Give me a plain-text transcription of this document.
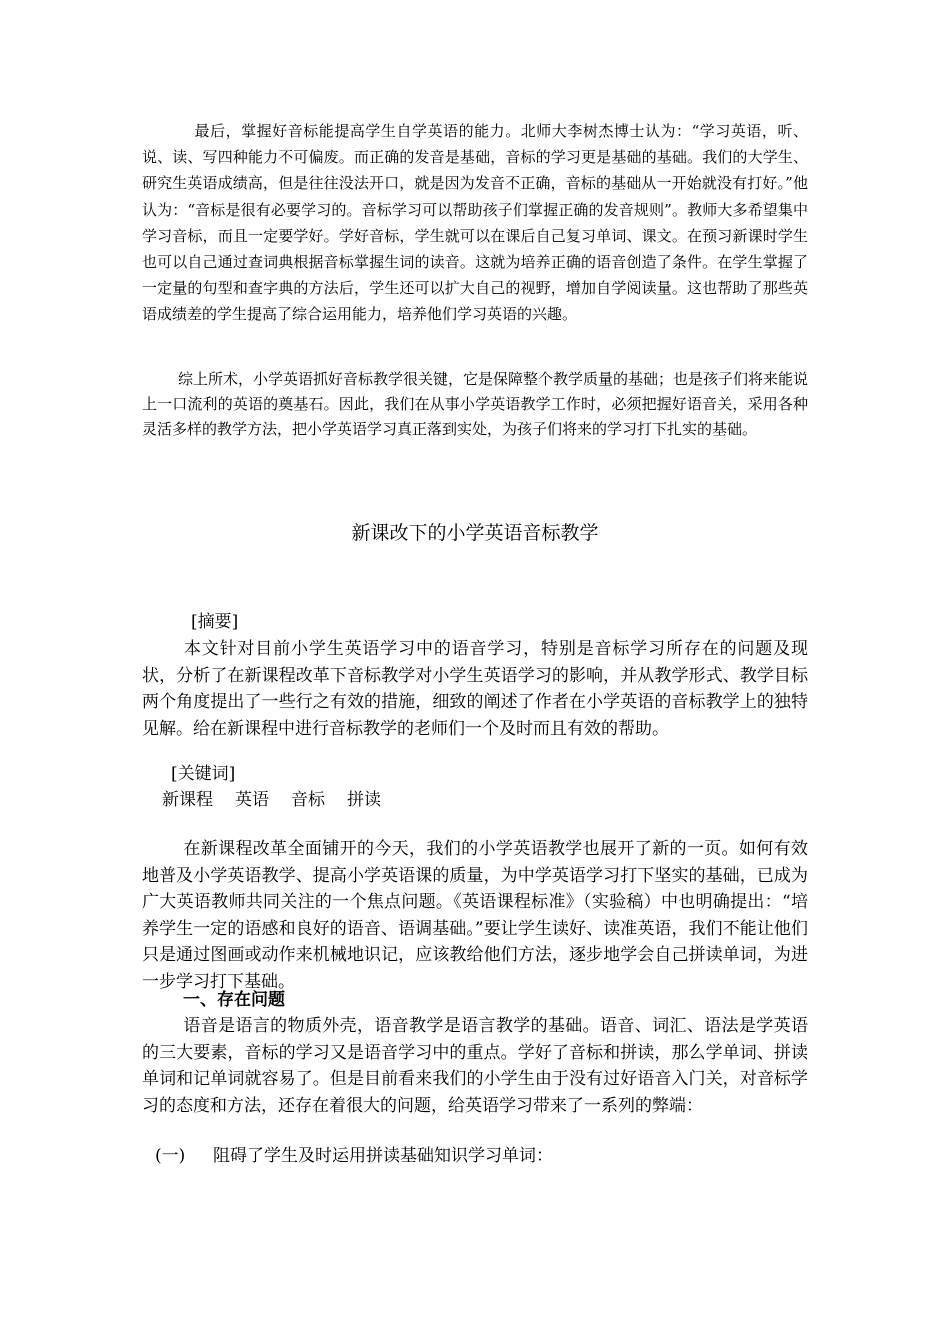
最后，掌握好音标能提高学生自学英语的能力。北师大李树杰博士认为：“学习英语，听、说、读、写四种能力不可偏废。而正确的发音是基础，音标的学习更是基础的基础。我们的大学生、研究生英语成绩高，但是往往没法开口，就是因为发音不正确，音标的基础从一开始就没有打好。”他认为：“音标是很有必要学习的。音标学习可以帮助孩子们掌握正确的发音规则”。教师大多希望集中学习音标，而且一定要学好。学好音标，学生就可以在课后自己复习单词、课文。在预习新课时学生也可以自己通过查词典根据音标掌握生词的读音。这就为培养正确的语音创造了条件。在学生掌握了一定量的句型和查字典的方法后，学生还可以扩大自己的视野，增加自学阅读量。这也帮助了那些英语成绩差的学生提高了综合运用能力，培养他们学习英语的兴趣。
综上所术，小学英语抓好音标教学很关键，它是保障整个教学质量的基础；也是孩子们将来能说上一口流利的英语的奠基石。因此，我们在从事小学英语教学工作时，必须把握好语音关，采用各种灵活多样的教学方法，把小学英语学习真正落到实处，为孩子们将来的学习打下扎实的基础。
新课改下的小学英语音标教学
[摘要]
本文针对目前小学生英语学习中的语音学习，特别是音标学习所存在的问题及现状，分析了在新课程改革下音标教学对小学生英语学习的影响，并从教学形式、教学目标两个角度提出了一些行之有效的措施，细致的阐述了作者在小学英语的音标教学上的独特见解。给在新课程中进行音标教学的老师们一个及时而且有效的帮助。
[关键词]
新课程 英语 音标 拼读
在新课程改革全面铺开的今天，我们的小学英语教学也展开了新的一页。如何有效地普及小学英语教学、提高小学英语课的质量，为中学英语学习打下坚实的基础，已成为广大英语教师共同关注的一个焦点问题。《英语课程标准》（实验稿）中也明确提出：“培养学生一定的语感和良好的语音、语调基础。”要让学生读好、读准英语，我们不能让他们只是通过图画或动作来机械地识记，应该教给他们方法，逐步地学会自己拼读单词，为进一步学习打下基础。
一、存在问题
语音是语言的物质外壳，语音教学是语言教学的基础。语音、词汇、语法是学英语的三大要素，音标的学习又是语音学习中的重点。学好了音标和拼读，那么学单词、拼读单词和记单词就容易了。但是目前看来我们的小学生由于没有过好语音入门关，对音标学习的态度和方法，还存在着很大的问题，给英语学习带来了一系列的弊端：
(一) 阻碍了学生及时运用拼读基础知识学习单词：
